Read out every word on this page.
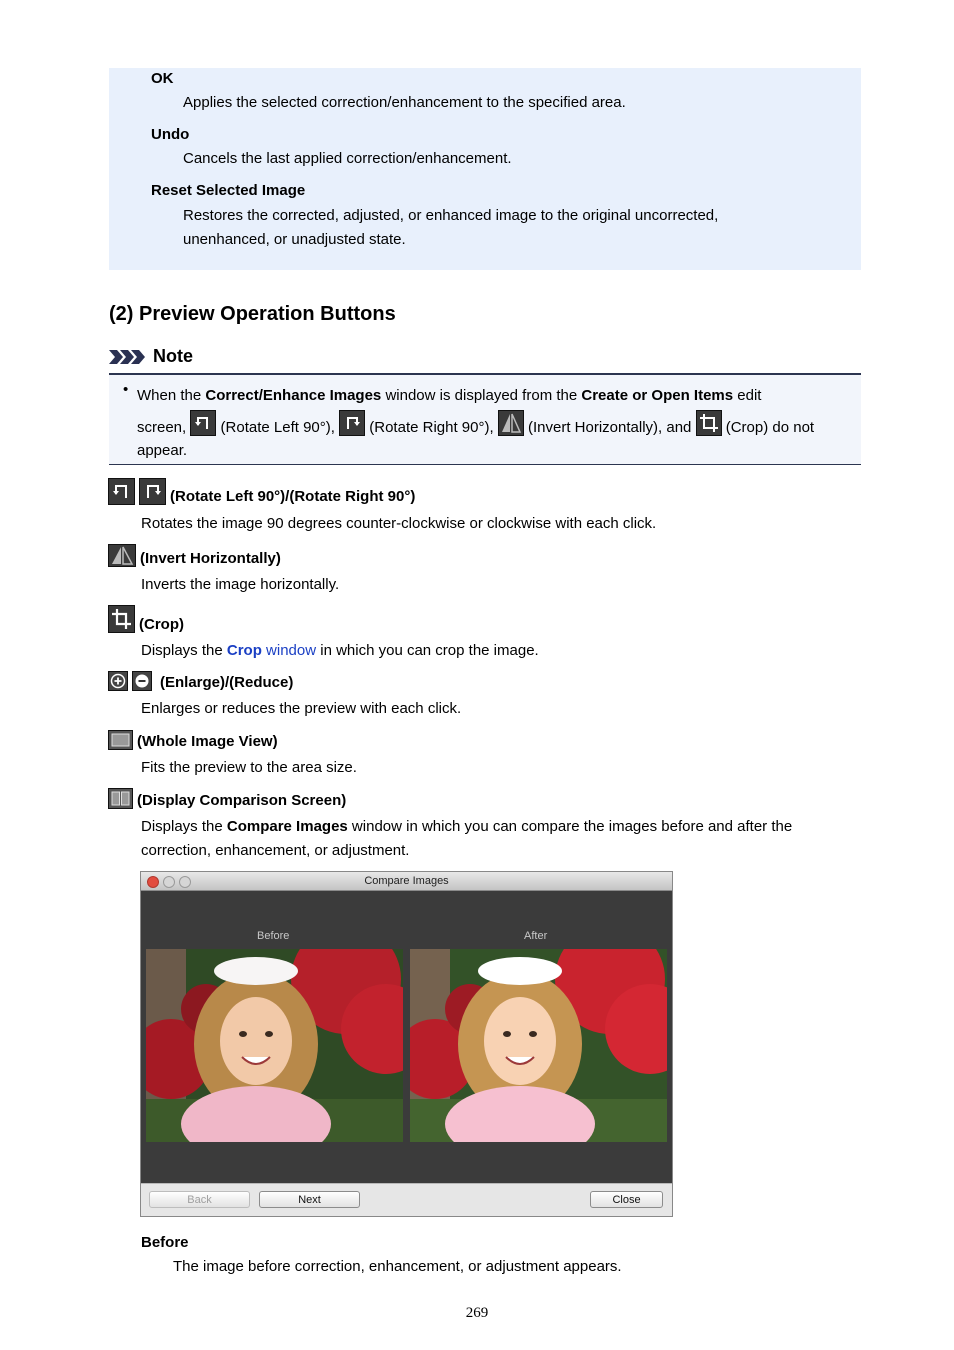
OK
Applies the selected correction/enhancement to the specified area.
Undo
Cancels the last applied correction/enhancement.
Reset Selected Image
Restores the corrected, adjusted, or enhanced image to the original uncorrected,
unenhanced, or unadjusted state.
(2) Preview Operation Buttons
Note
• When the Correct/Enhance Images window is displayed from the Create or Open Items edit
screen,
(Rotate Left 90°),
(Rotate Right 90°),
(Invert Horizontally), and
(Crop) do not
appear.
(Rotate Left 90°)/(Rotate Right 90°)
Rotates the image 90 degrees counter-clockwise or clockwise with each click.
(Invert Horizontally)
Inverts the image horizontally.
(Crop)
Displays the Crop window in which you can crop the image.
(Enlarge)/(Reduce)
Enlarges or reduces the preview with each click.
(Whole Image View)
Fits the preview to the area size.
(Display Comparison Screen)
Displays the Compare Images window in which you can compare the images before and after the
correction, enhancement, or adjustment.
Compare Images
Before	After
Back	Next	Close
Before
The image before correction, enhancement, or adjustment appears.
269
